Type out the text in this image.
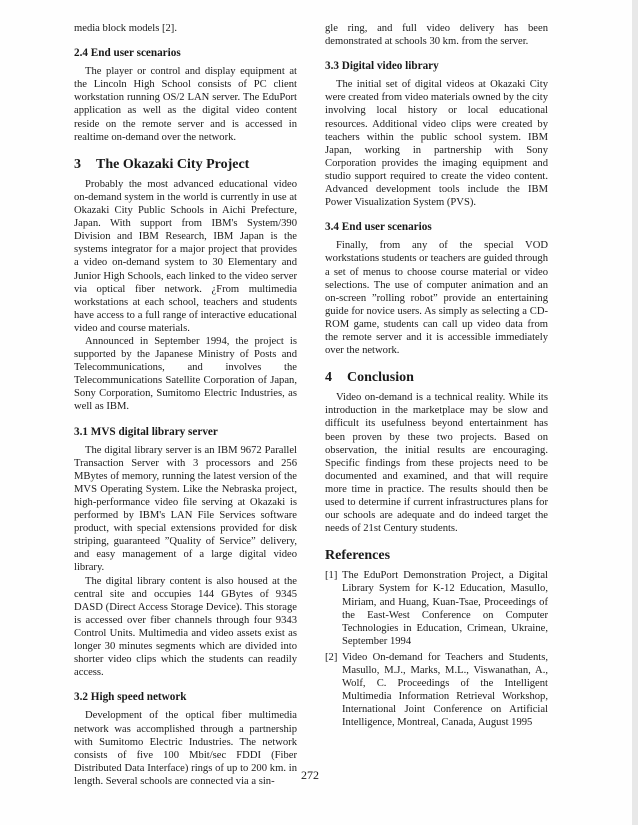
media block models [2].

2.4 End user scenarios

The player or control and display equipment at the Lincoln High School consists of PC client workstation running OS/2 LAN server. The EduPort application as well as the digital video content reside on the remote server and is accessed in realtime on-demand over the network.

3 The Okazaki City Project

Probably the most advanced educational video on-demand system in the world is currently in use at Okazaki City Public Schools in Aichi Prefecture, Japan. With support from IBM's System/390 Division and IBM Research, IBM Japan is the systems integrator for a major project that provides a video on-demand system to 30 Elementary and Junior High Schools, each linked to the video server via optical fiber network. ¿From multimedia workstations at each school, teachers and students have access to a full range of interactive educational video and course materials.

Announced in September 1994, the project is supported by the Japanese Ministry of Posts and Telecommunications, and involves the Telecommunications Satellite Corporation of Japan, Sony Corporation, Sumitomo Electric Industries, as well as IBM.

3.1 MVS digital library server

The digital library server is an IBM 9672 Parallel Transaction Server with 3 processors and 256 MBytes of memory, running the latest version of the MVS Operating System. Like the Nebraska project, high-performance video file serving at Okazaki is performed by IBM's LAN File Services software product, with special extensions provided for disk striping, guaranteed ”Quality of Service” delivery, and easy management of a large digital video library.

The digital library content is also housed at the central site and occupies 144 GBytes of 9345 DASD (Direct Access Storage Device). This storage is accessed over fiber channels through four 9343 Control Units. Multimedia and video assets exist as longer 30 minutes segments which are divided into shorter video clips which the students can readily access.

3.2 High speed network

Development of the optical fiber multimedia network was accomplished through a partnership with Sumitomo Electric Industries. The network consists of five 100 Mbit/sec FDDI (Fiber Distributed Data Interface) rings of up to 200 km. in length. Several schools are connected via a sin-

gle ring, and full video delivery has been demonstrated at schools 30 km. from the server.

3.3 Digital video library

The initial set of digital videos at Okazaki City were created from video materials owned by the city involving local history or local educational resources. Additional video clips were created by teachers within the public school system. IBM Japan, working in partnership with Sony Corporation provides the imaging equipment and studio support required to create the video content. Advanced development tools include the IBM Power Visualization System (PVS).

3.4 End user scenarios

Finally, from any of the special VOD workstations students or teachers are guided through a set of menus to choose course material or video selections. The use of computer animation and an on-screen ”rolling robot” provide an entertaining guide for novice users. As simply as selecting a CD-ROM game, students can call up video data from the remote server and it is accessible immediately over the network.

4 Conclusion

Video on-demand is a technical reality. While its introduction in the marketplace may be slow and difficult its usefulness beyond entertainment has been proven by these two projects. Based on observation, the initial results are encouraging. Specific findings from these projects need to be documented and examined, and that will require more time in practice. The results should then be used to determine if current infrastructures plans for our schools are adequate and do indeed target the needs of 21st Century students.

References
[1] The EduPort Demonstration Project, a Digital Library System for K-12 Education, Masullo, Miriam, and Huang, Kuan-Tsae, Proceedings of the East-West Conference on Computer Technologies in Education, Crimean, Ukraine, September 1994
[2] Video On-demand for Teachers and Students, Masullo, M.J., Marks, M.L., Viswanathan, A., Wolf, C. Proceedings of the Intelligent Multimedia Information Retrieval Workshop, International Joint Conference on Artificial Intelligence, Montreal, Canada, August 1995
272
